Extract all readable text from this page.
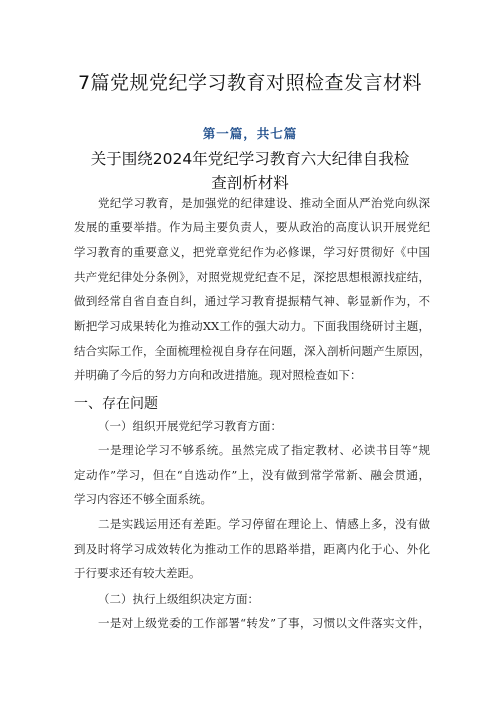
7篇党规党纪学习教育对照检查发言材料
第一篇，共七篇
关于围绕2024年党纪学习教育六大纪律自我检
查剖析材料
党纪学习教育，是加强党的纪律建设、推动全面从严治党向纵深
发展的重要举措。作为局主要负责人，要从政治的高度认识开展党纪
学习教育的重要意义，把党章党纪作为必修课，学习好贯彻好《中国
共产党纪律处分条例》，对照党规党纪查不足，深挖思想根源找症结，
做到经常自省自查自纠，通过学习教育提振精气神、彰显新作为，不
断把学习成果转化为推动XX工作的强大动力。下面我围绕研讨主题，
结合实际工作，全面梳理检视自身存在问题，深入剖析问题产生原因，
并明确了今后的努力方向和改进措施。现对照检查如下：
一、存在问题
（一）组织开展党纪学习教育方面：
一是理论学习不够系统。虽然完成了指定教材、必读书目等“规
定动作”学习，但在“自选动作”上，没有做到常学常新、融会贯通，
学习内容还不够全面系统。
二是实践运用还有差距。学习停留在理论上、情感上多，没有做
到及时将学习成效转化为推动工作的思路举措，距离内化于心、外化
于行要求还有较大差距。
（二）执行上级组织决定方面：
一是对上级党委的工作部署“转发”了事，习惯以文件落实文件，
